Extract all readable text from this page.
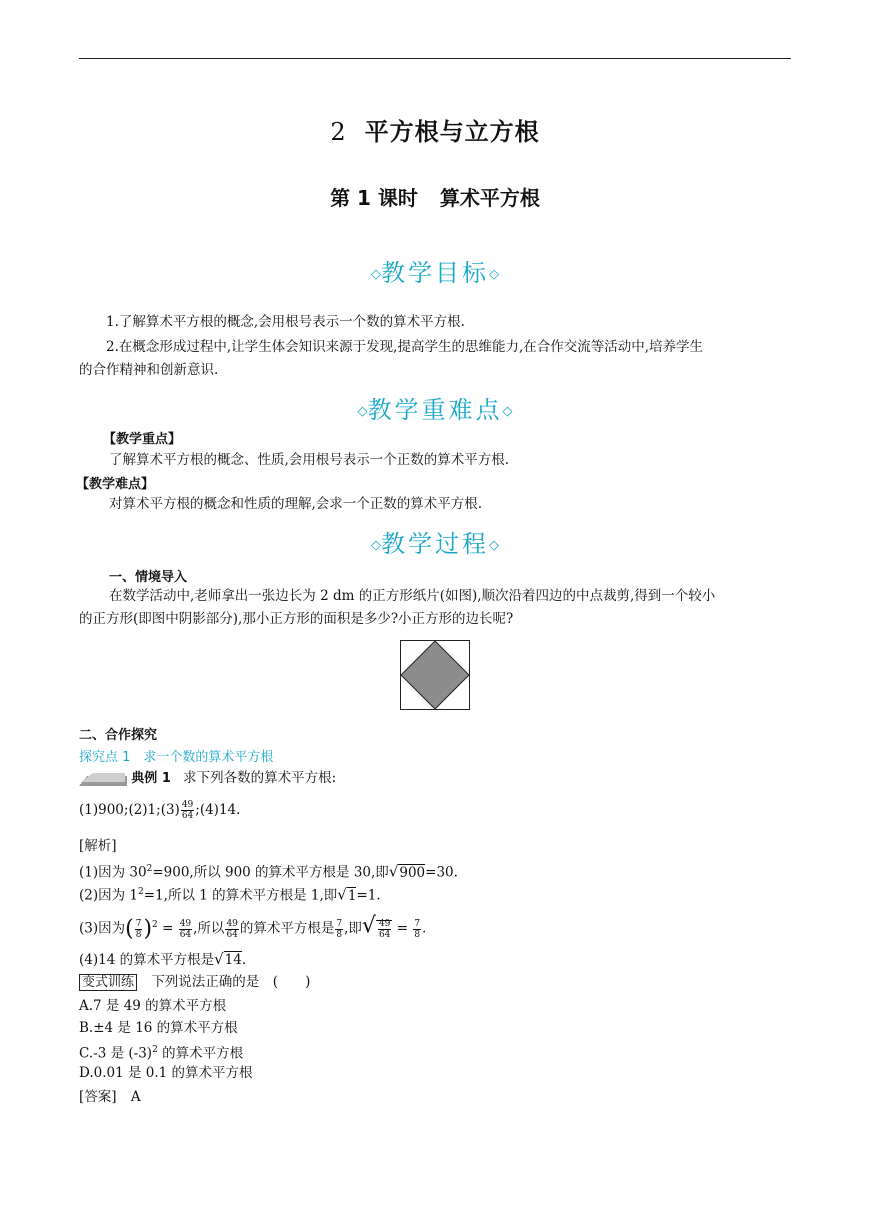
2 平方根与立方根
第 1 课时 算术平方根
◇教学目标◇
1.了解算术平方根的概念,会用根号表示一个数的算术平方根.
2.在概念形成过程中,让学生体会知识来源于发现,提高学生的思维能力,在合作交流等活动中,培养学生
的合作精神和创新意识.
◇教学重难点◇
【教学重点】
了解算术平方根的概念、性质,会用根号表示一个正数的算术平方根.
【教学难点】
对算术平方根的概念和性质的理解,会求一个正数的算术平方根.
◇教学过程◇
一、情境导入
在数学活动中,老师拿出一张边长为 2 dm 的正方形纸片(如图),顺次沿着四边的中点裁剪,得到一个较小
的正方形(即图中阴影部分),那小正方形的面积是多少?小正方形的边长呢?
二、合作探究
探究点 1　求一个数的算术平方根
典例 1 求下列各数的算术平方根:
(1)900;(2)1;(3) $\frac{49}{64}$ ;(4)14.
[解析]
(1)因为 $30^2=900$,所以 900 的算术平方根是 30,即√900=30.
(2)因为 $1^2=1$,所以 1 的算术平方根是 1,即√1=1.
(3)因为( $\frac{7}{8} )^2 = \frac{49}{64}$ ,所以 $\frac{49}{64}$ 的算术平方根是 $\frac{7}{8}$ ,即√ $\frac{49}{64} = \frac{7}{8}$ .
(4)14 的算术平方根是√14.
变式训练 下列说法正确的是　(　　)
A.7 是 49 的算术平方根
B.±4 是 16 的算术平方根
C.-3 是 $(-3)^2$ 的算术平方根
D.0.01 是 0.1 的算术平方根
[答案] A
